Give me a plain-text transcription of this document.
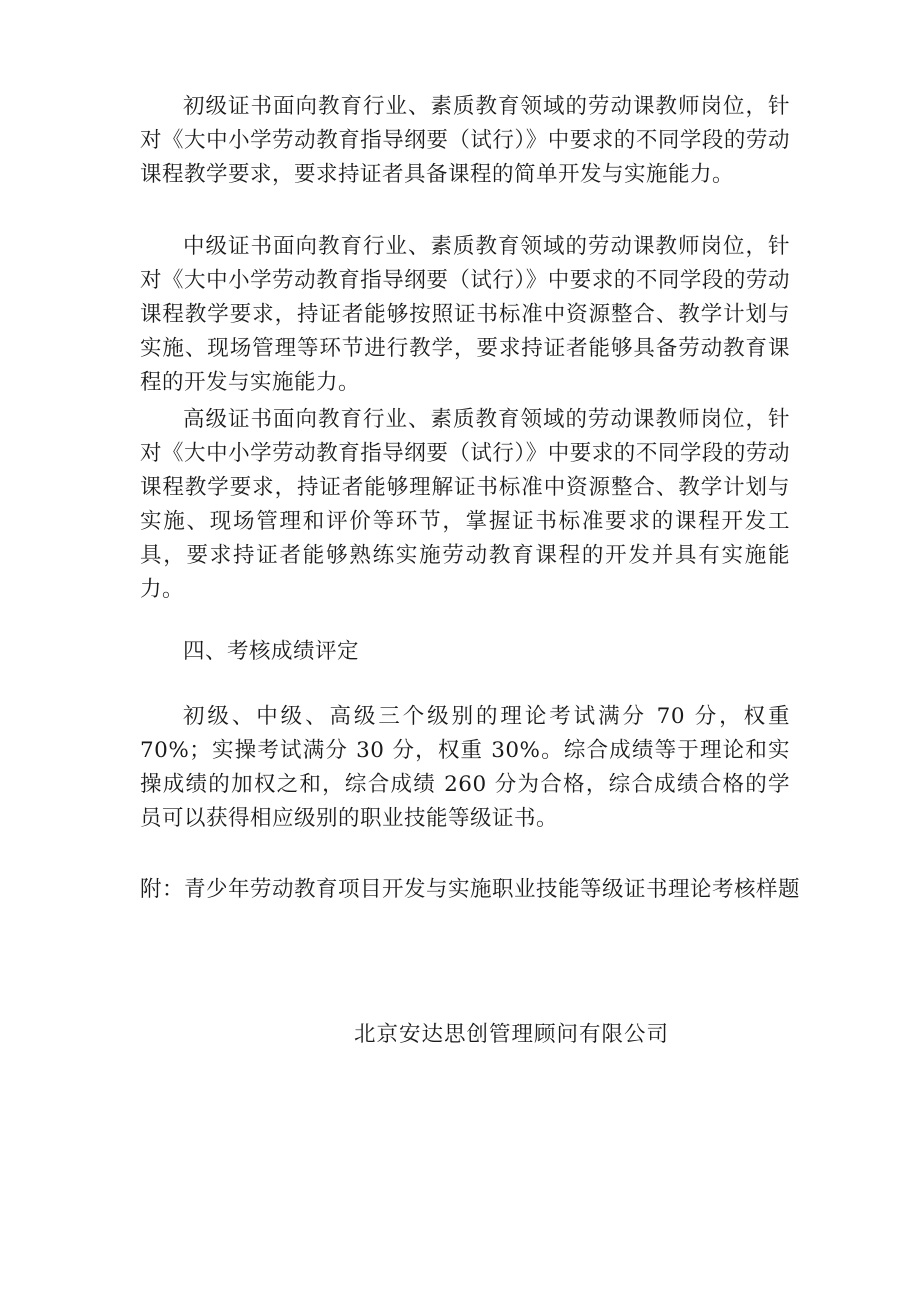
初级证书面向教育行业、素质教育领域的劳动课教师岗位，针对《大中小学劳动教育指导纲要（试行）》中要求的不同学段的劳动课程教学要求，要求持证者具备课程的简单开发与实施能力。

中级证书面向教育行业、素质教育领域的劳动课教师岗位，针对《大中小学劳动教育指导纲要（试行）》中要求的不同学段的劳动课程教学要求，持证者能够按照证书标准中资源整合、教学计划与实施、现场管理等环节进行教学，要求持证者能够具备劳动教育课程的开发与实施能力。

高级证书面向教育行业、素质教育领域的劳动课教师岗位，针对《大中小学劳动教育指导纲要（试行）》中要求的不同学段的劳动课程教学要求，持证者能够理解证书标准中资源整合、教学计划与实施、现场管理和评价等环节，掌握证书标准要求的课程开发工具，要求持证者能够熟练实施劳动教育课程的开发并具有实施能力。

四、考核成绩评定

初级、中级、高级三个级别的理论考试满分 70 分，权重70%；实操考试满分 30 分，权重 30%。综合成绩等于理论和实操成绩的加权之和，综合成绩 260 分为合格，综合成绩合格的学员可以获得相应级别的职业技能等级证书。

附：青少年劳动教育项目开发与实施职业技能等级证书理论考核样题

北京安达思创管理顾问有限公司
